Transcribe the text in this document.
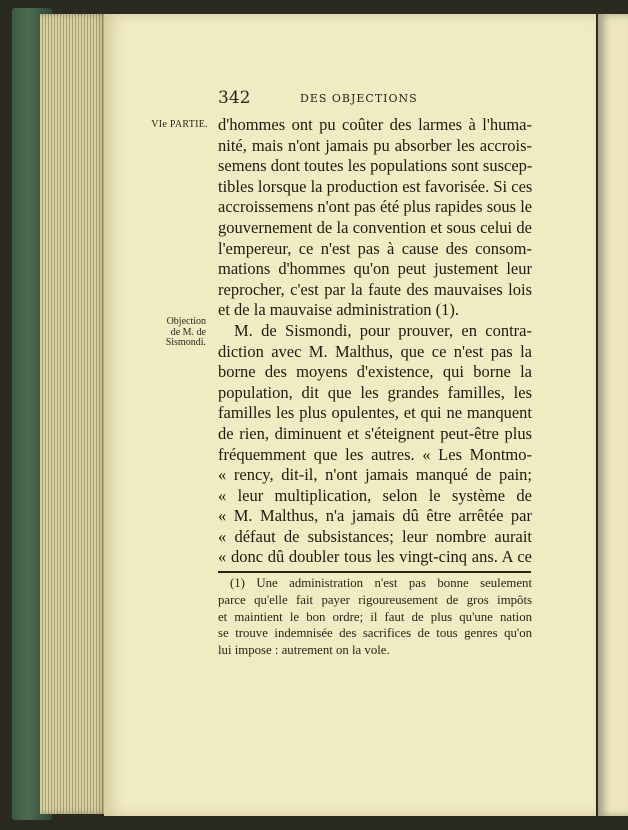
342	DES OBJECTIONS
VIe PARTIE.
Objection
de M. de
Sismondi.
d'hommes ont pu coûter des larmes à l'huma-
nité, mais n'ont jamais pu absorber les accrois-
semens dont toutes les populations sont suscep-
tibles lorsque la production est favorisée. Si ces
accroissemens n'ont pas été plus rapides sous le
gouvernement de la convention et sous celui de
l'empereur, ce n'est pas à cause des consom-
mations d'hommes qu'on peut justement leur
reprocher, c'est par la faute des mauvaises lois
et de la mauvaise administration (1).
M. de Sismondi, pour prouver, en contra-
diction avec M. Malthus, que ce n'est pas la
borne des moyens d'existence, qui borne la
population, dit que les grandes familles, les
familles les plus opulentes, et qui ne manquent
de rien, diminuent et s'éteignent peut-être plus
fréquemment que les autres. « Les Montmo-
« rency, dit-il, n'ont jamais manqué de pain;
« leur multiplication, selon le système de
« M. Malthus, n'a jamais dû être arrêtée par
« défaut de subsistances; leur nombre aurait
« donc dû doubler tous les vingt-cinq ans. A ce
(1) Une administration n'est pas bonne seulement
parce qu'elle fait payer rigoureusement de gros impôts
et maintient le bon ordre; il faut de plus qu'une nation
se trouve indemnisée des sacrifices de tous genres qu'on
lui impose : autrement on la vole.
